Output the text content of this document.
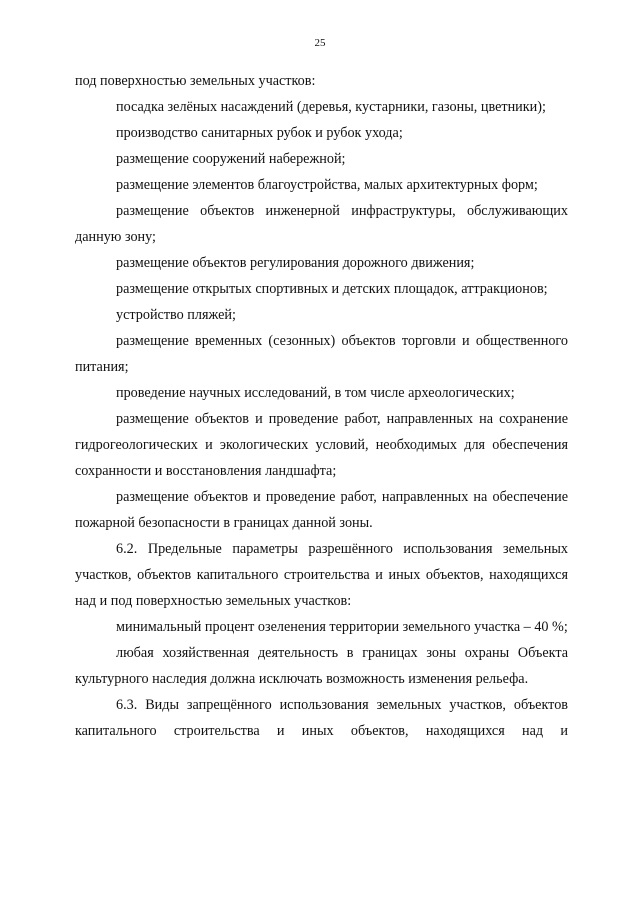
25

под поверхностью земельных участков:

посадка зелёных насаждений (деревья, кустарники, газоны, цветники);

производство санитарных рубок и рубок ухода;

размещение сооружений набережной;

размещение элементов благоустройства, малых архитектурных форм;

размещение объектов инженерной инфраструктуры, обслуживающих данную зону;

размещение объектов регулирования дорожного движения;

размещение открытых спортивных и детских площадок, аттракционов;

устройство пляжей;

размещение временных (сезонных) объектов торговли и общественного питания;

проведение научных исследований, в том числе археологических;

размещение объектов и проведение работ, направленных на сохранение гидрогеологических и экологических условий, необходимых для обеспечения сохранности и восстановления ландшафта;

размещение объектов и проведение работ, направленных на обеспечение пожарной безопасности в границах данной зоны.

6.2. Предельные параметры разрешённого использования земельных участков, объектов капитального строительства и иных объектов, находящихся над и под поверхностью земельных участков:

минимальный процент озеленения территории земельного участка – 40 %;

любая хозяйственная деятельность в границах зоны охраны Объекта культурного наследия должна исключать возможность изменения рельефа.

6.3. Виды запрещённого использования земельных участков, объектов капитального строительства и иных объектов, находящихся над и
